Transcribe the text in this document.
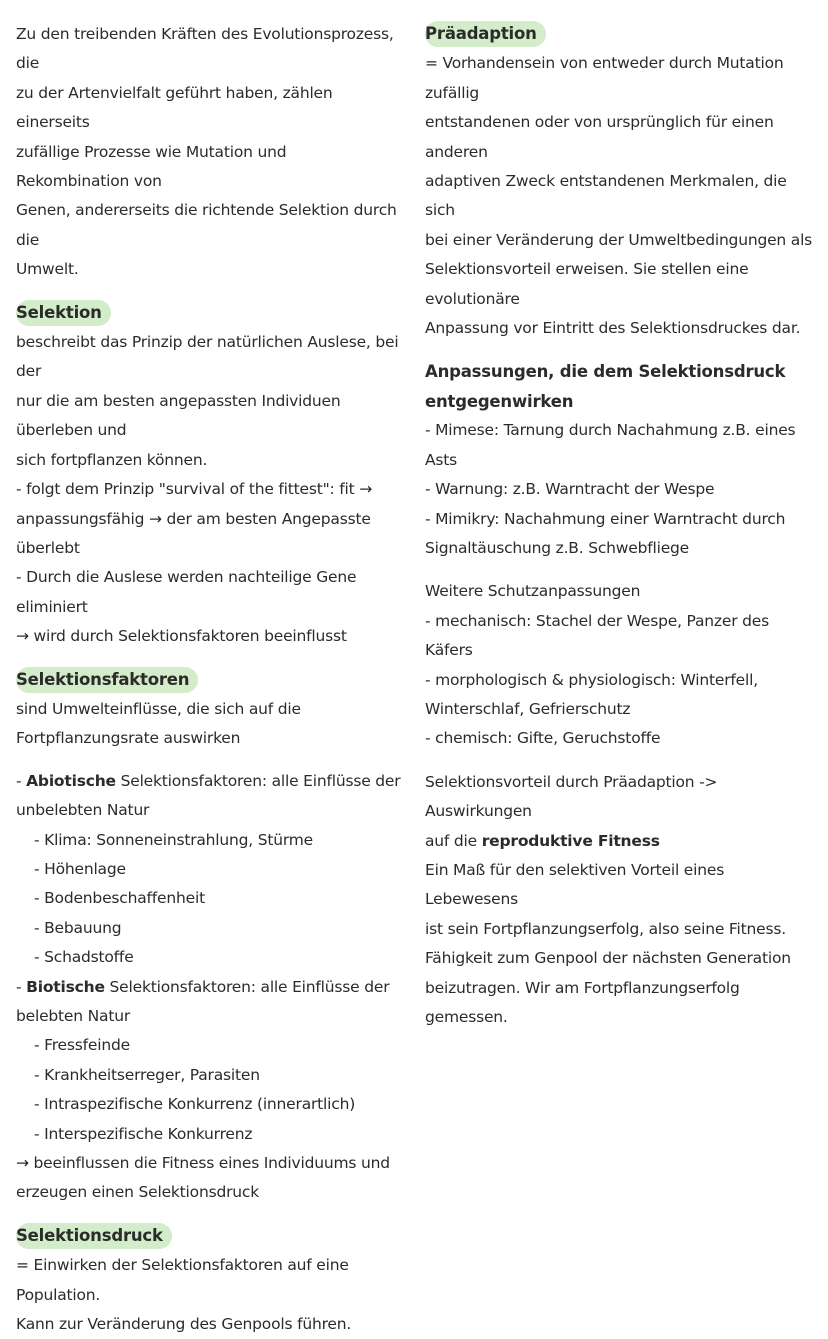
Zu den treibenden Kräften des Evolutionsprozess, die

zu der Artenvielfalt geführt haben, zählen einerseits

zufällige Prozesse wie Mutation und Rekombination von

Genen, andererseits die richtende Selektion durch die

Umwelt.

Selektion

beschreibt das Prinzip der natürlichen Auslese, bei der

nur die am besten angepassten Individuen überleben und

sich fortpflanzen können.

- folgt dem Prinzip "survival of the fittest": fit →

anpassungsfähig → der am besten Angepasste überlebt

- Durch die Auslese werden nachteilige Gene eliminiert

→ wird durch Selektionsfaktoren beeinflusst

Selektionsfaktoren

sind Umwelteinflüsse, die sich auf die

Fortpflanzungsrate auswirken

- Abiotische Selektionsfaktoren: alle Einflüsse der

unbelebten Natur

- Klima: Sonneneinstrahlung, Stürme

- Höhenlage

- Bodenbeschaffenheit

- Bebauung

- Schadstoffe

- Biotische Selektionsfaktoren: alle Einflüsse der

belebten Natur

- Fressfeinde

- Krankheitserreger, Parasiten

- Intraspezifische Konkurrenz (innerartlich)

- Interspezifische Konkurrenz

→ beeinflussen die Fitness eines Individuums und

erzeugen einen Selektionsdruck

Selektionsdruck

= Einwirken der Selektionsfaktoren auf eine Population.

Kann zur Veränderung des Genpools führen.

Präadaption

= Vorhandensein von entweder durch Mutation zufällig

entstandenen oder von ursprünglich für einen anderen

adaptiven Zweck entstandenen Merkmalen, die sich

bei einer Veränderung der Umweltbedingungen als

Selektionsvorteil erweisen. Sie stellen eine evolutionäre

Anpassung vor Eintritt des Selektionsdruckes dar.

Anpassungen, die dem Selektionsdruck

entgegenwirken

- Mimese: Tarnung durch Nachahmung z.B. eines Asts

- Warnung: z.B. Warntracht der Wespe

- Mimikry: Nachahmung einer Warntracht durch

Signaltäuschung z.B. Schwebfliege

Weitere Schutzanpassungen

- mechanisch: Stachel der Wespe, Panzer des Käfers

- morphologisch & physiologisch: Winterfell,

Winterschlaf, Gefrierschutz

- chemisch: Gifte, Geruchstoffe

Selektionsvorteil durch Präadaption -> Auswirkungen

auf die reproduktive Fitness

Ein Maß für den selektiven Vorteil eines Lebewesens

ist sein Fortpflanzungserfolg, also seine Fitness.

Fähigkeit zum Genpool der nächsten Generation

beizutragen. Wir am Fortpflanzungserfolg gemessen.
